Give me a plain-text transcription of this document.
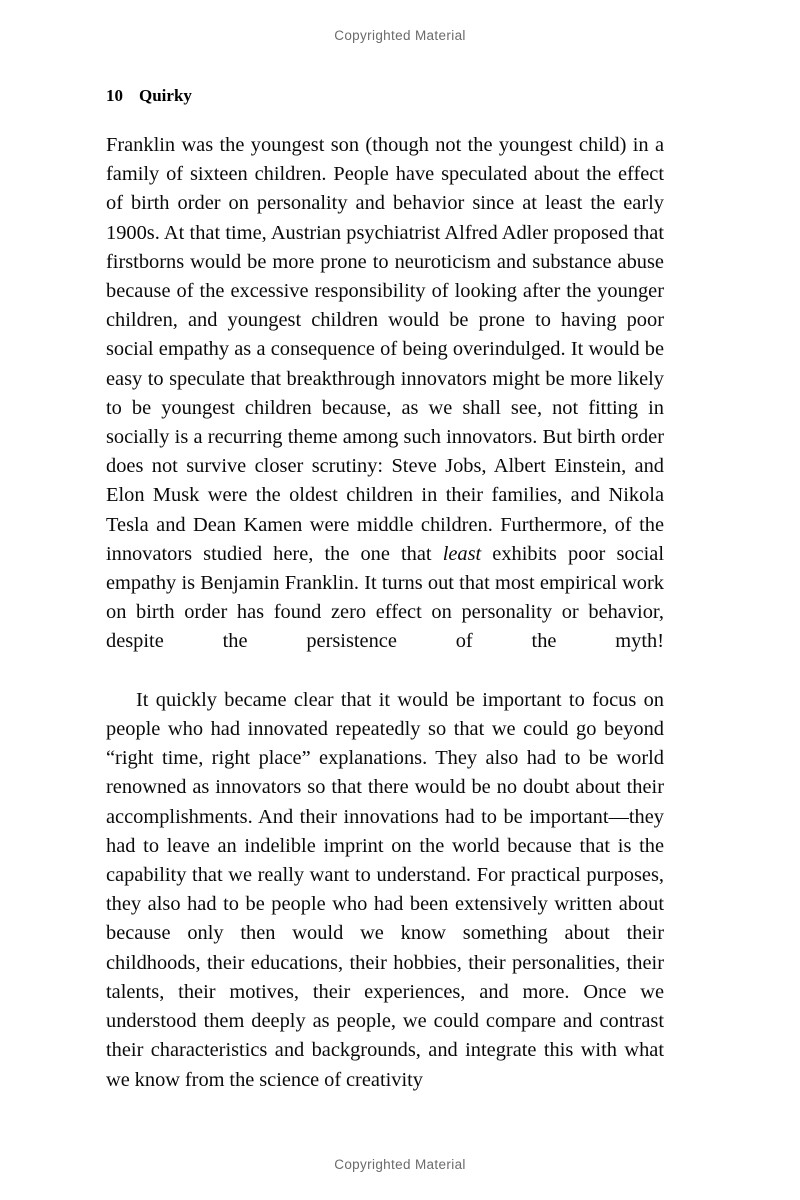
Copyrighted Material
10 Quirky

Franklin was the youngest son (though not the youngest child) in a family of sixteen children. People have speculated about the effect of birth order on personality and behavior since at least the early 1900s. At that time, Austrian psychiatrist Alfred Adler proposed that firstborns would be more prone to neuroticism and substance abuse because of the excessive responsibility of looking after the younger children, and youngest children would be prone to having poor social empathy as a consequence of being overindulged. It would be easy to speculate that breakthrough innovators might be more likely to be youngest children because, as we shall see, not fitting in socially is a recurring theme among such innovators. But birth order does not survive closer scrutiny: Steve Jobs, Albert Einstein, and Elon Musk were the oldest children in their families, and Nikola Tesla and Dean Kamen were middle children. Furthermore, of the innovators studied here, the one that least exhibits poor social empathy is Benjamin Franklin. It turns out that most empirical work on birth order has found zero effect on personality or behavior, despite the persistence of the myth!

It quickly became clear that it would be important to focus on people who had innovated repeatedly so that we could go beyond “right time, right place” explanations. They also had to be world renowned as innovators so that there would be no doubt about their accomplishments. And their innovations had to be important—they had to leave an indelible imprint on the world because that is the capability that we really want to understand. For practical purposes, they also had to be people who had been extensively written about because only then would we know something about their childhoods, their educations, their hobbies, their personalities, their talents, their motives, their experiences, and more. Once we understood them deeply as people, we could compare and contrast their characteristics and backgrounds, and integrate this with what we know from the science of creativity

Copyrighted Material
